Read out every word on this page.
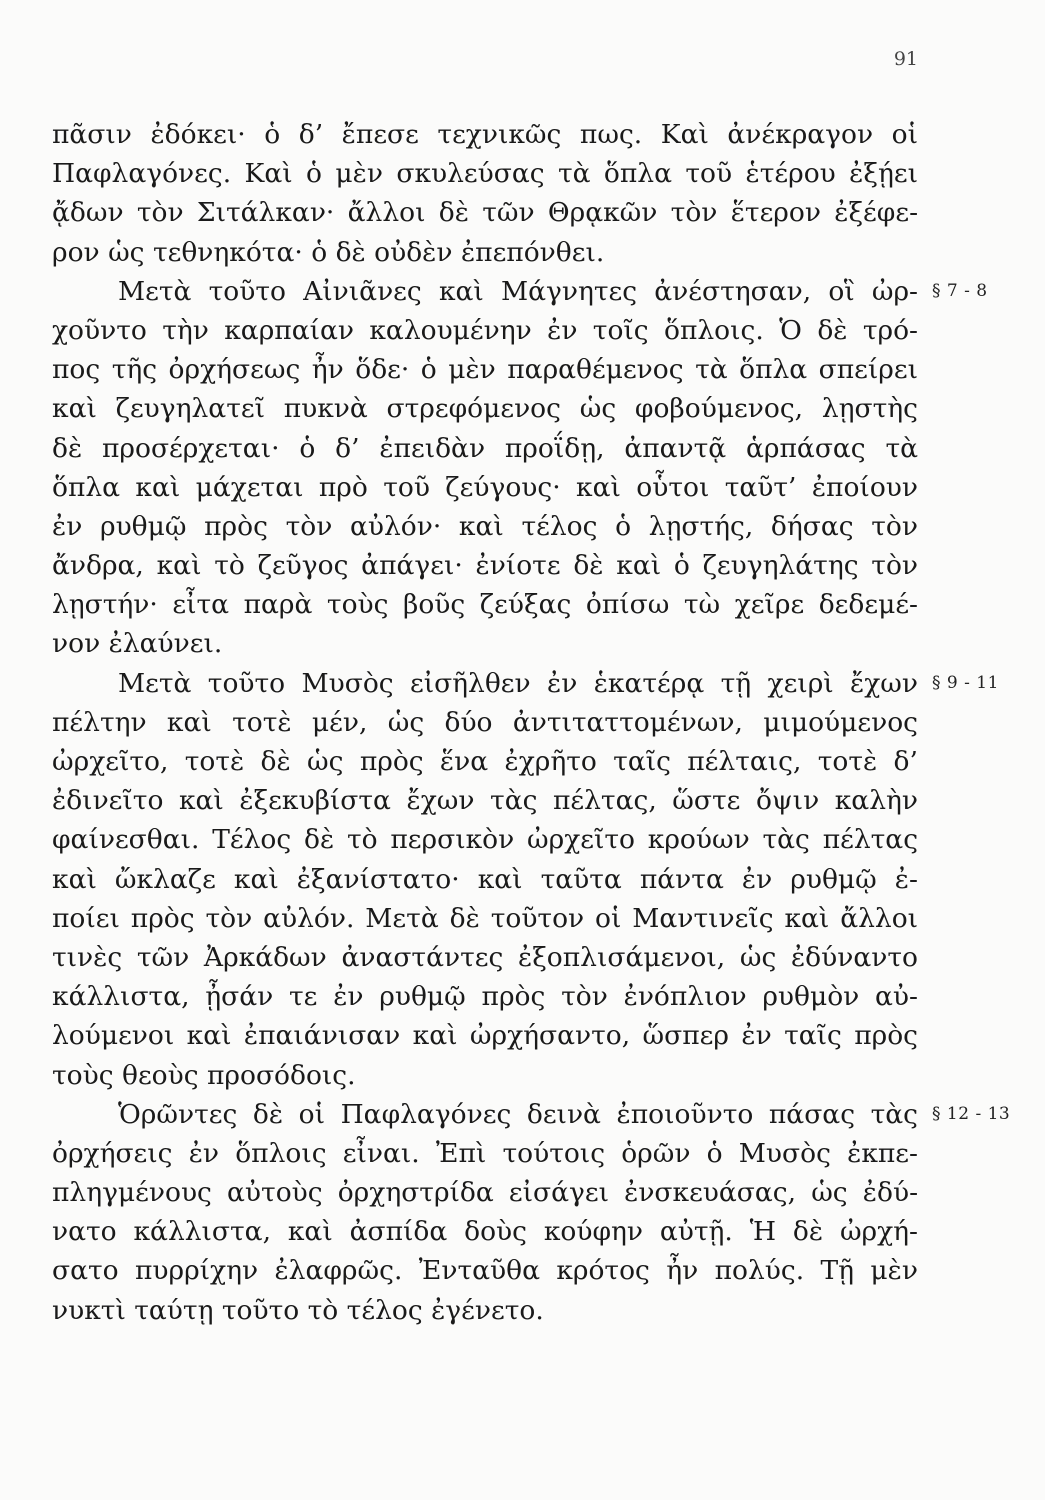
91
πᾶσιν ἐδόκει· ὁ δ’ ἔπεσε τεχνικῶς πως. Καὶ ἀνέκραγον οἱ
Παφλαγόνες. Καὶ ὁ μὲν σκυλεύσας τὰ ὅπλα τοῦ ἑτέρου ἐξῄει
ᾄδων τὸν Σιτάλκαν· ἄλλοι δὲ τῶν Θρᾳκῶν τὸν ἕτερον ἐξέφε-
ρον ὡς τεθνηκότα· ὁ δὲ οὐδὲν ἐπεπόνθει.
Μετὰ τοῦτο Αἰνιᾶνες καὶ Μάγνητες ἀνέστησαν, οἳ ὠρ- § 7 - 8
χοῦντο τὴν καρπαίαν καλουμένην ἐν τοῖς ὅπλοις. Ὁ δὲ τρό-
πος τῆς ὀρχήσεως ἦν ὅδε· ὁ μὲν παραθέμενος τὰ ὅπλα σπείρει
καὶ ζευγηλατεῖ πυκνὰ στρεφόμενος ὡς φοβούμενος, λῃστὴς
δὲ προσέρχεται· ὁ δ’ ἐπειδὰν προΐδῃ, ἀπαντᾷ ἁρπάσας τὰ
ὅπλα καὶ μάχεται πρὸ τοῦ ζεύγους· καὶ οὗτοι ταῦτ’ ἐποίουν
ἐν ρυθμῷ πρὸς τὸν αὐλόν· καὶ τέλος ὁ λῃστής, δήσας τὸν
ἄνδρα, καὶ τὸ ζεῦγος ἀπάγει· ἐνίοτε δὲ καὶ ὁ ζευγηλάτης τὸν
λῃστήν· εἶτα παρὰ τοὺς βοῦς ζεύξας ὀπίσω τὼ χεῖρε δεδεμέ-
νον ἐλαύνει.
Μετὰ τοῦτο Μυσὸς εἰσῆλθεν ἐν ἑκατέρᾳ τῇ χειρὶ ἔχων § 9 - 11
πέλτην καὶ τοτὲ μέν, ὡς δύο ἀντιταττομένων, μιμούμενος
ὠρχεῖτο, τοτὲ δὲ ὡς πρὸς ἕνα ἐχρῆτο ταῖς πέλταις, τοτὲ δ’
ἐδινεῖτο καὶ ἐξεκυβίστα ἔχων τὰς πέλτας, ὥστε ὄψιν καλὴν
φαίνεσθαι. Τέλος δὲ τὸ περσικὸν ὠρχεῖτο κρούων τὰς πέλτας
καὶ ὤκλαζε καὶ ἐξανίστατο· καὶ ταῦτα πάντα ἐν ρυθμῷ ἐ-
ποίει πρὸς τὸν αὐλόν. Μετὰ δὲ τοῦτον οἱ Μαντινεῖς καὶ ἄλλοι
τινὲς τῶν Ἀρκάδων ἀναστάντες ἐξοπλισάμενοι, ὡς ἐδύναντο
κάλλιστα, ᾖσάν τε ἐν ρυθμῷ πρὸς τὸν ἐνόπλιον ρυθμὸν αὐ-
λούμενοι καὶ ἐπαιάνισαν καὶ ὠρχήσαντο, ὥσπερ ἐν ταῖς πρὸς
τοὺς θεοὺς προσόδοις.
Ὁρῶντες δὲ οἱ Παφλαγόνες δεινὰ ἐποιοῦντο πάσας τὰς § 12 - 13
ὀρχήσεις ἐν ὅπλοις εἶναι. Ἐπὶ τούτοις ὁρῶν ὁ Μυσὸς ἐκπε-
πληγμένους αὐτοὺς ὀρχηστρίδα εἰσάγει ἐνσκευάσας, ὡς ἐδύ-
νατο κάλλιστα, καὶ ἀσπίδα δοὺς κούφην αὐτῇ. Ἡ δὲ ὠρχή-
σατο πυρρίχην ἐλαφρῶς. Ἐνταῦθα κρότος ἦν πολύς. Τῇ μὲν
νυκτὶ ταύτῃ τοῦτο τὸ τέλος ἐγένετο.
